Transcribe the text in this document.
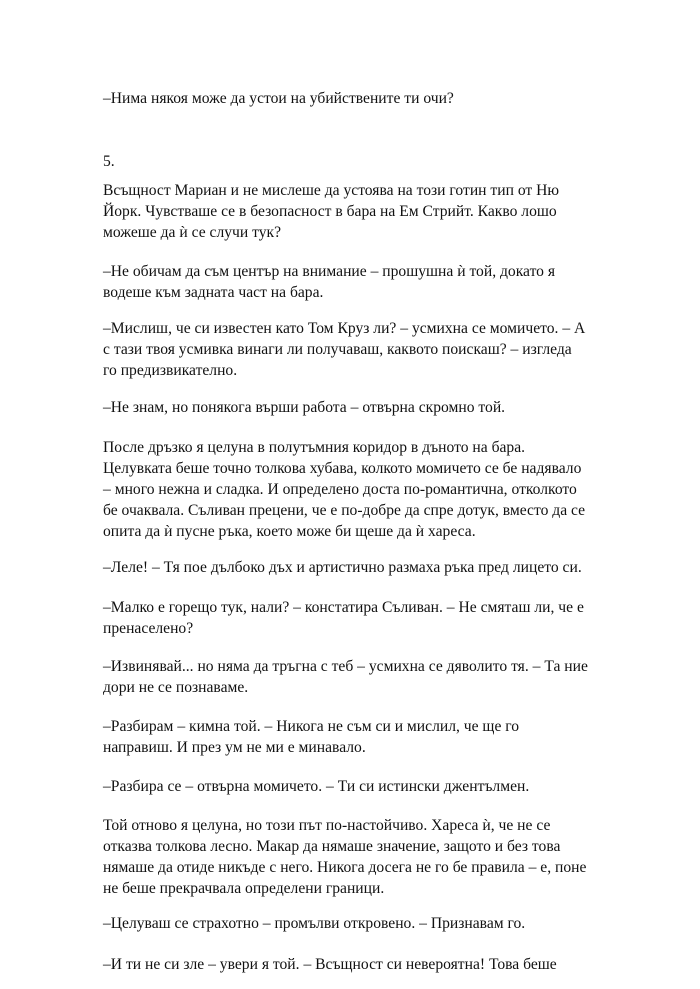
–Нима някоя може да устои на убийствените ти очи?

5.

Всъщност Мариан и не мислеше да устоява на този готин тип от Ню
Йорк. Чувстваше се в безопасност в бара на Ем Стрийт. Какво лошо
можеше да ѝ се случи тук?

–Не обичам да съм център на внимание – прошушна ѝ той, докато я
водеше към задната част на бара.

–Мислиш, че си известен като Том Круз ли? – усмихна се момичето. – А
с тази твоя усмивка винаги ли получаваш, каквото поискаш? – изгледа
го предизвикателно.

–Не знам, но понякога върши работа – отвърна скромно той.

После дръзко я целуна в полутъмния коридор в дъното на бара.
Целувката беше точно толкова хубава, колкото момичето се бе надявало
– много нежна и сладка. И определено доста по-романтична, отколкото
бе очаквала. Съливан прецени, че е по-добре да спре дотук, вместо да се
опита да ѝ пусне ръка, което може би щеше да ѝ хареса.

–Леле! – Тя пое дълбоко дъх и артистично размаха ръка пред лицето си.

–Малко е горещо тук, нали? – констатира Съливан. – Не смяташ ли, че е
пренаселено?

–Извинявай... но няма да тръгна с теб – усмихна се дяволито тя. – Та ние
дори не се познаваме.

–Разбирам – кимна той. – Никога не съм си и мислил, че ще го
направиш. И през ум не ми е минавало.

–Разбира се – отвърна момичето. – Ти си истински джентълмен.

Той отново я целуна, но този път по-настойчиво. Хареса ѝ, че не се
отказва толкова лесно. Макар да нямаше значение, защото и без това
нямаше да отиде никъде с него. Никога досега не го бе правила – е, поне
не беше прекрачвала определени граници.

–Целуваш се страхотно – промълви откровено. – Признавам го.

–И ти не си зле – увери я той. – Всъщност си невероятна! Това беше
